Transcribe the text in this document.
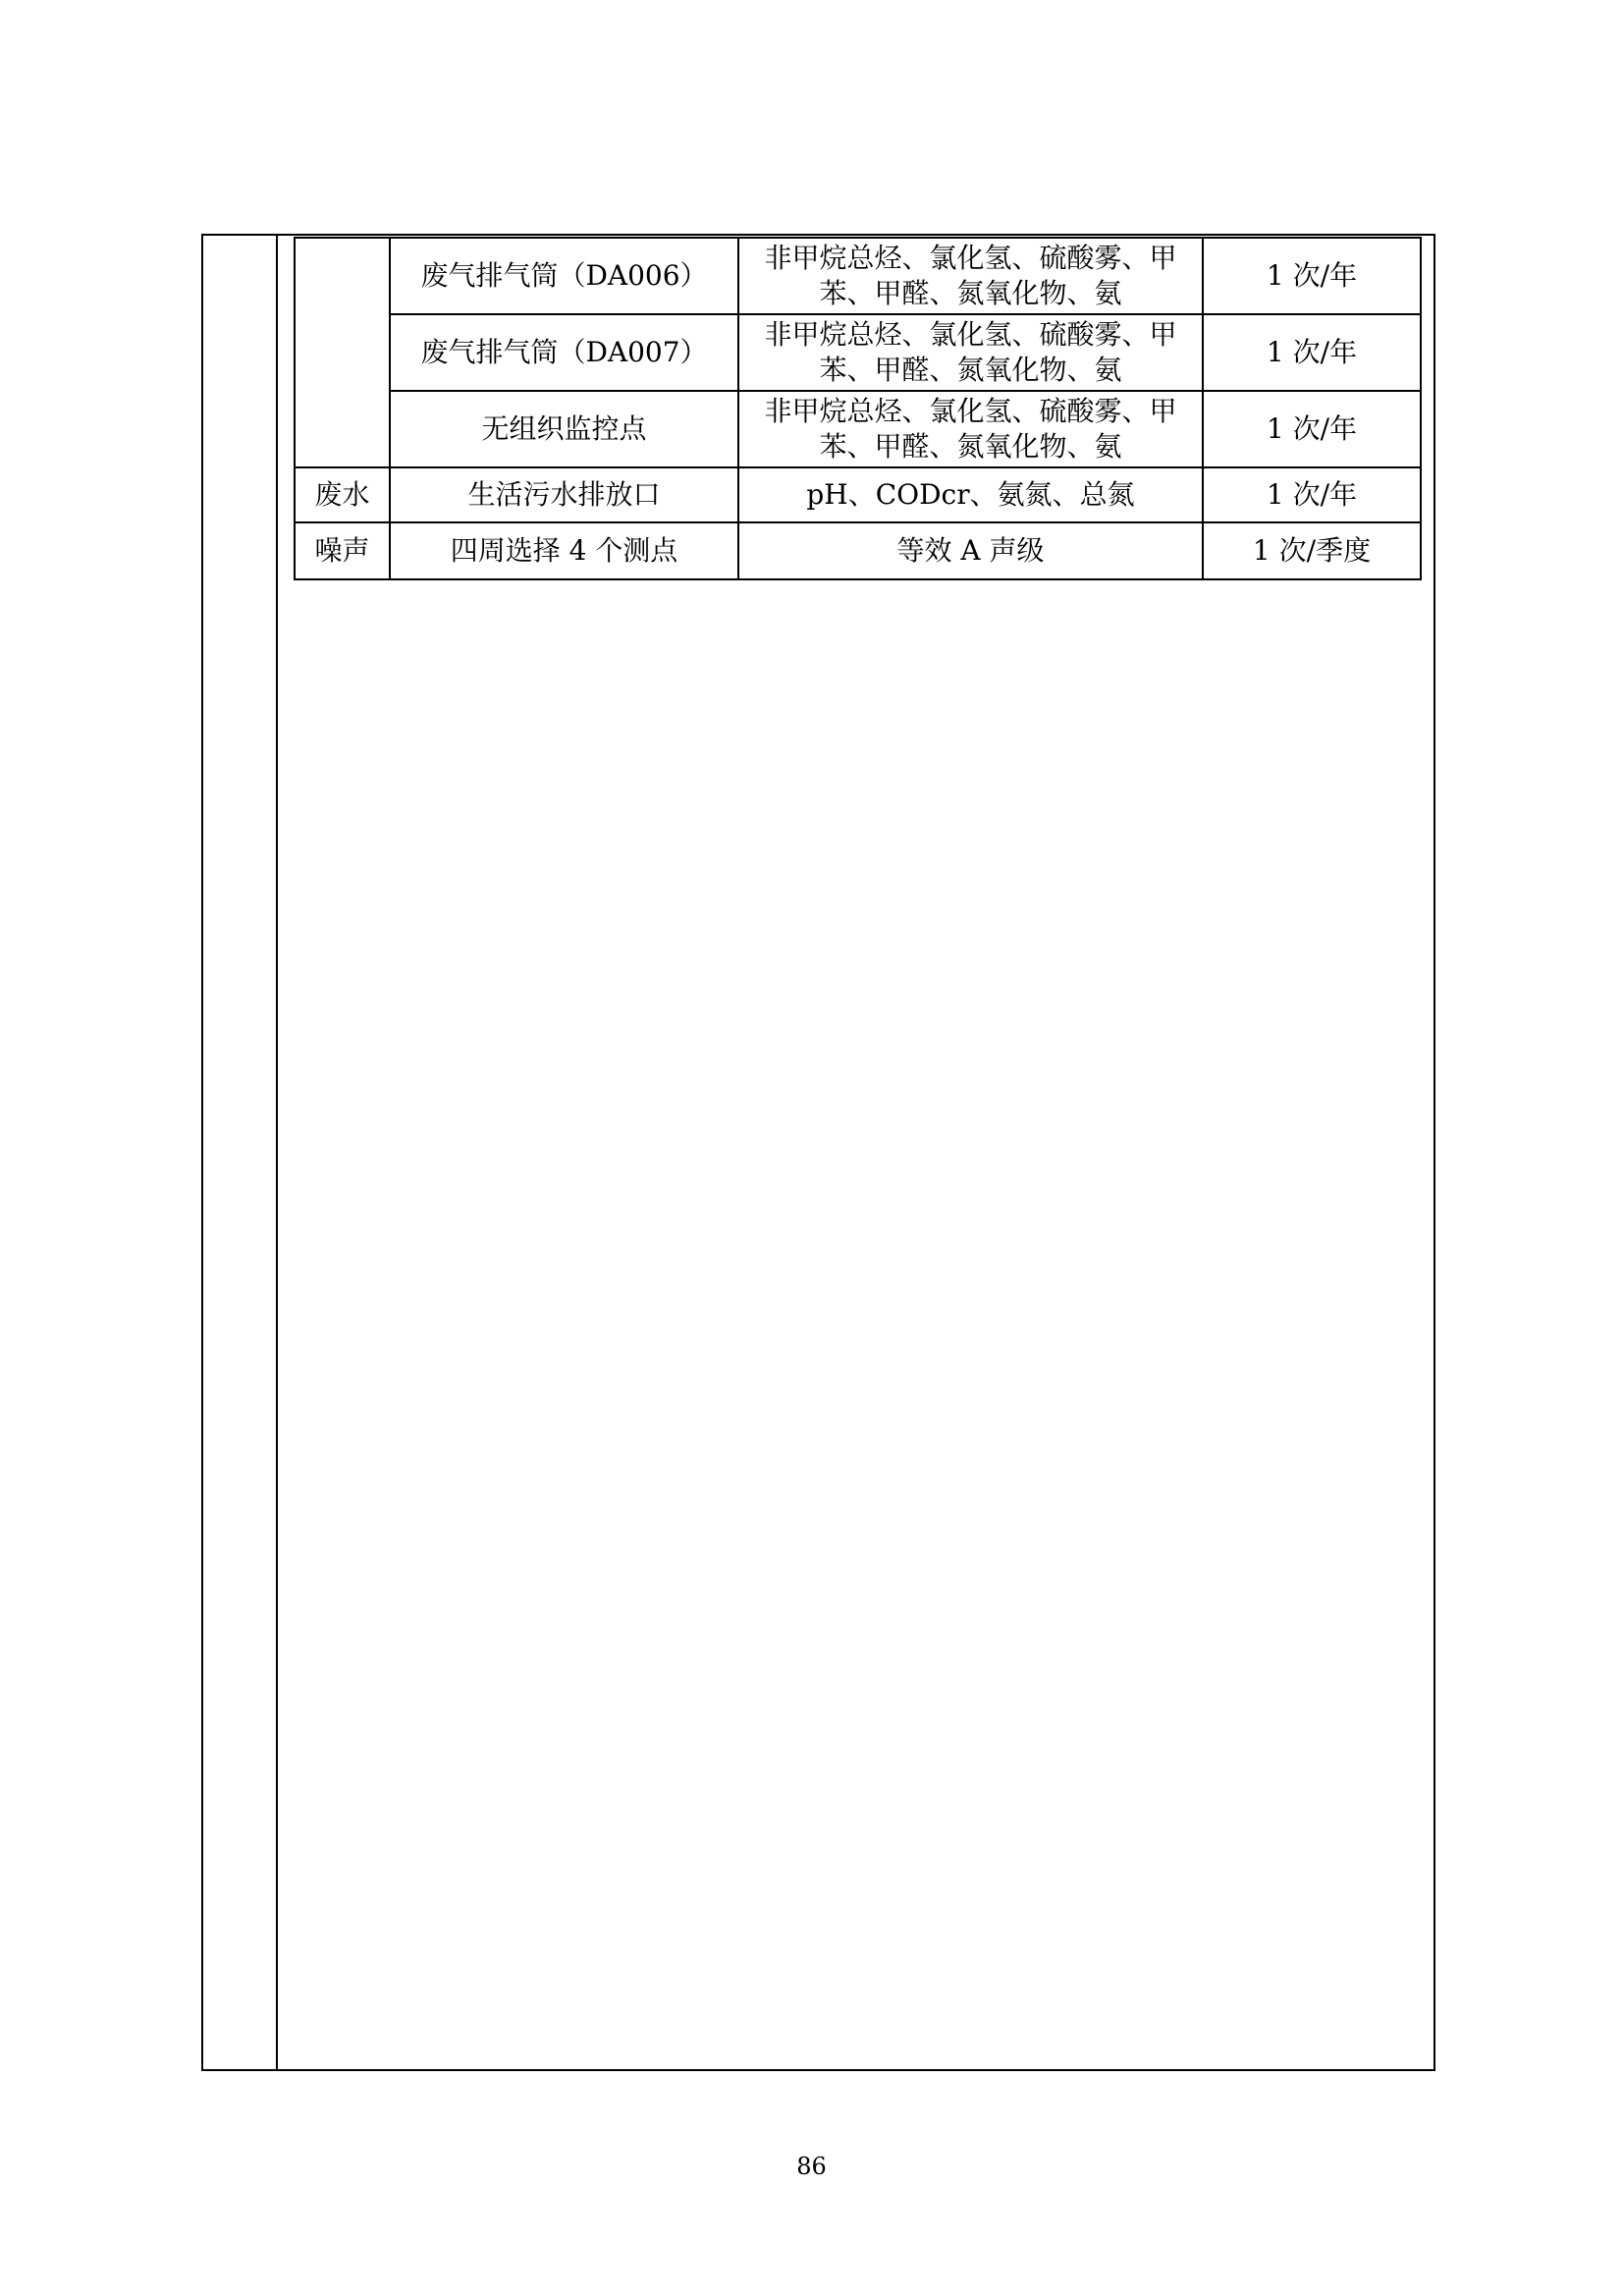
	废气排气筒（DA006）	非甲烷总烃、氯化氢、硫酸雾、甲苯、甲醛、氮氧化物、氨	1 次/年
	废气排气筒（DA007）	非甲烷总烃、氯化氢、硫酸雾、甲苯、甲醛、氮氧化物、氨	1 次/年
	无组织监控点	非甲烷总烃、氯化氢、硫酸雾、甲苯、甲醛、氮氧化物、氨	1 次/年
废水	生活污水排放口	pH、CODcr、氨氮、总氮	1 次/年
噪声	四周选择 4 个测点	等效 A 声级	1 次/季度
86
